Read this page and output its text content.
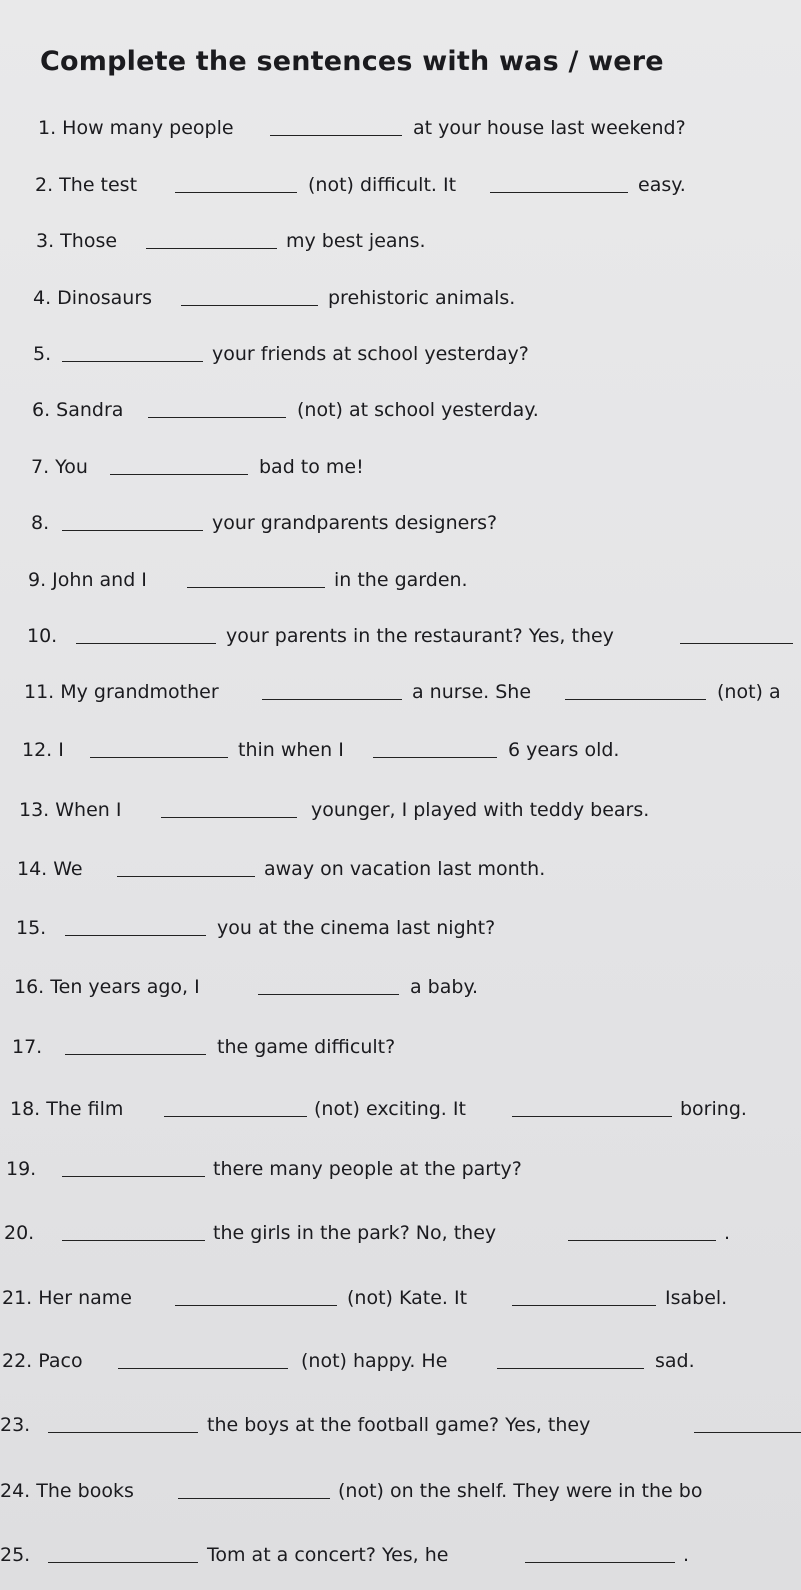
Complete the sentences with was / were
1. How many people	at your house last weekend?
2. The test	(not) difficult. It	easy.
3. Those	my best jeans.
4. Dinosaurs	prehistoric animals.
5.	your friends at school yesterday?
6. Sandra	(not) at school yesterday.
7. You	bad to me!
8.	your grandparents designers?
9. John and I	in the garden.
10.	your parents in the restaurant? Yes, they
11. My grandmother	a nurse. She	(not) a
12. I	thin when I	6 years old.
13. When I	younger, I played with teddy bears.
14. We	away on vacation last month.
15.	you at the cinema last night?
16. Ten years ago, I	a baby.
17.	the game difficult?
18. The film	(not) exciting. It	boring.
19.	there many people at the party?
20.	the girls in the park? No, they	.
21. Her name	(not) Kate. It	Isabel.
22. Paco	(not) happy. He	sad.
23.	the boys at the football game? Yes, they
24. The books	(not) on the shelf. They were in the bo
25.	Tom at a concert? Yes, he	.
